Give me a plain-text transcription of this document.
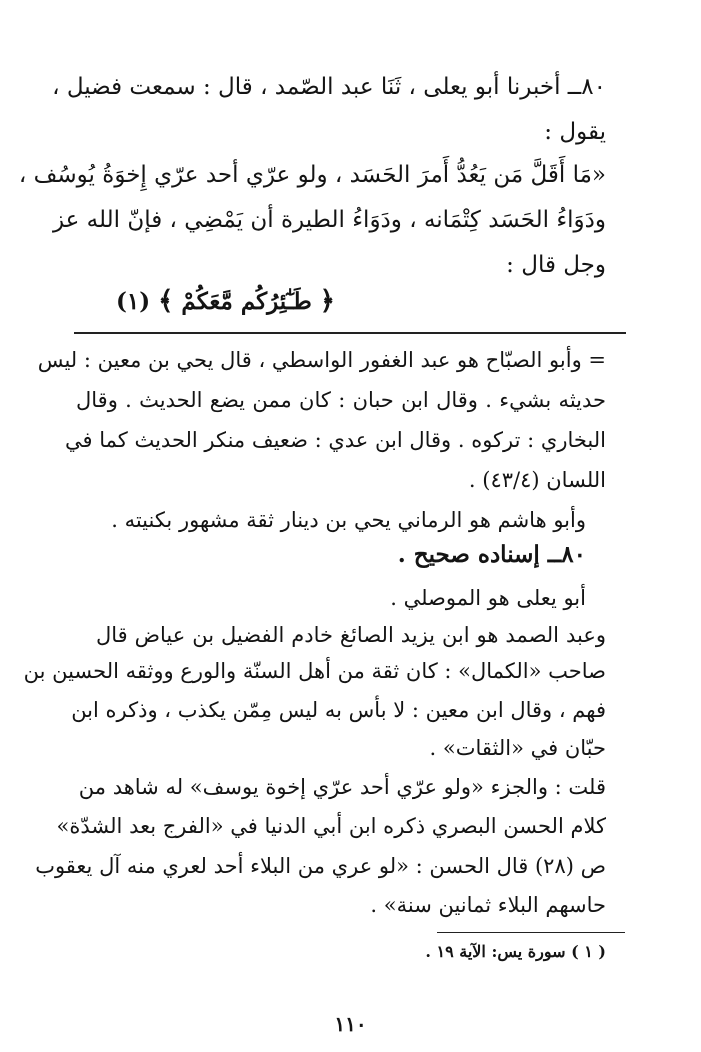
٨٠ــ أخبرنا أبو يعلى ، ثَنَا عبد الصّمد ، قال : سمعت فضيل ،
يقول :
«مَا أَقَلَّ مَن يَعُدُّ أَمرَ الحَسَد ، ولو عرّي أحد عرّي إِخوَةُ يُوسُف ،
ودَوَاءُ الحَسَد كِتْمَانه ، ودَوَاءُ الطيرة أن يَمْضِي ، فإنّ الله عز
وجل قال :
﴿ طَـٰٓئِرُكُم مَّعَكُمْ ﴾ (١)
= وأبو الصبّاح هو عبد الغفور الواسطي ، قال يحي بن معين : ليس
حديثه بشيء . وقال ابن حبان : كان ممن يضع الحديث . وقال
البخاري : تركوه . وقال ابن عدي : ضعيف منكر الحديث كما في
اللسان (٤٣/٤) .
وأبو هاشم هو الرماني يحي بن دينار ثقة مشهور بكنيته .
٨٠ــ إسناده صحيح .
أبو يعلى هو الموصلي .
وعبد الصمد هو ابن يزيد الصائغ خادم الفضيل بن عياض قال
صاحب «الكمال» : كان ثقة من أهل السنّة والورع ووثقه الحسين بن
فهم ، وقال ابن معين : لا بأس به ليس مِمّن يكذب ، وذكره ابن
حبّان في «الثقات» .
قلت : والجزء «ولو عرّي أحد عرّي إخوة يوسف» له شاهد من
كلام الحسن البصري ذكره ابن أبي الدنيا في «الفرج بعد الشدّة»
ص (٢٨) قال الحسن : «لو عري من البلاء أحد لعري منه آل يعقوب
حاسهم البلاء ثمانين سنة» .
( ١ ) سورة يس: الآية ١٩ .
١١٠
